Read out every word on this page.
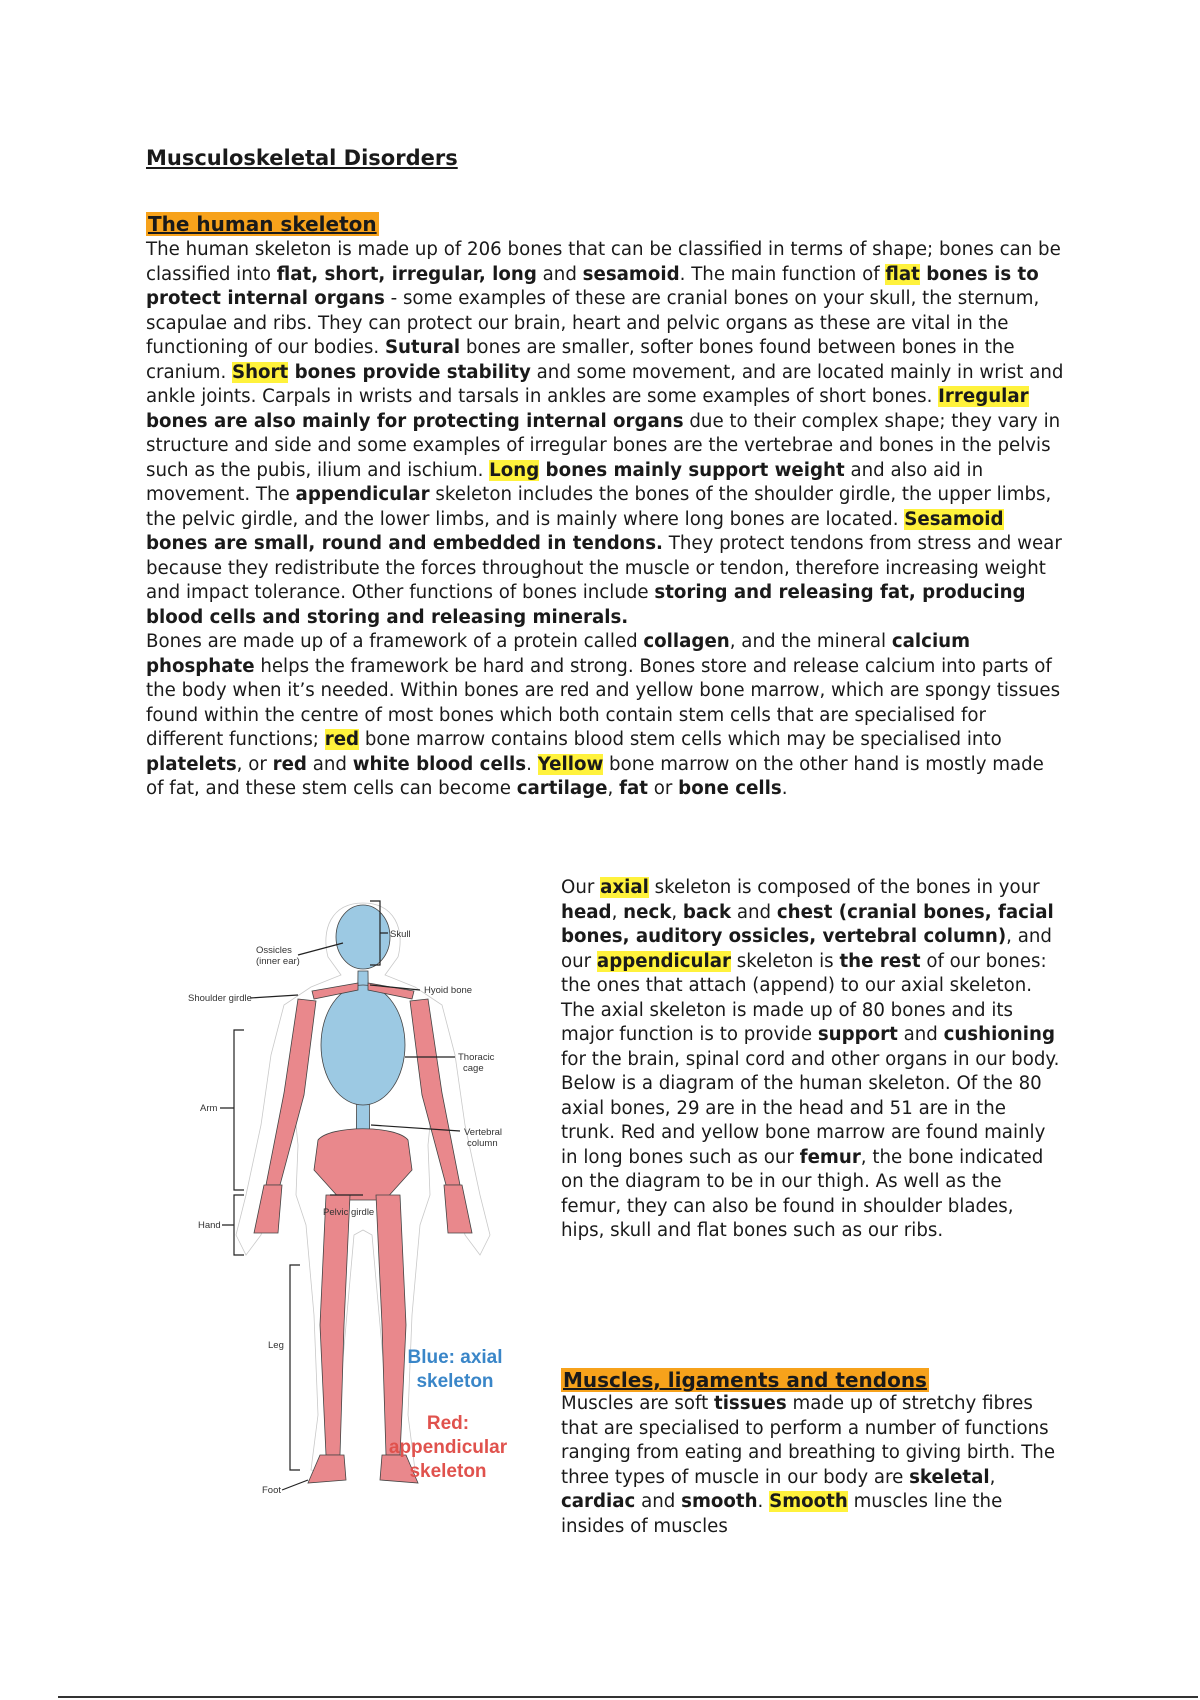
Musculoskeletal Disorders
The human skeleton

The human skeleton is made up of 206 bones that can be classified in terms of shape; bones can be classified into flat, short, irregular, long and sesamoid. The main function of flat bones is to protect internal organs - some examples of these are cranial bones on your skull, the sternum, scapulae and ribs. They can protect our brain, heart and pelvic organs as these are vital in the functioning of our bodies. Sutural bones are smaller, softer bones found between bones in the cranium. Short bones provide stability and some movement, and are located mainly in wrist and ankle joints. Carpals in wrists and tarsals in ankles are some examples of short bones. Irregular bones are also mainly for protecting internal organs due to their complex shape; they vary in structure and side and some examples of irregular bones are the vertebrae and bones in the pelvis such as the pubis, ilium and ischium. Long bones mainly support weight and also aid in movement. The appendicular skeleton includes the bones of the shoulder girdle, the upper limbs, the pelvic girdle, and the lower limbs, and is mainly where long bones are located. Sesamoid bones are small, round and embedded in tendons. They protect tendons from stress and wear because they redistribute the forces throughout the muscle or tendon, therefore increasing weight and impact tolerance. Other functions of bones include storing and releasing fat, producing blood cells and storing and releasing minerals.

Bones are made up of a framework of a protein called collagen, and the mineral calcium phosphate helps the framework be hard and strong. Bones store and release calcium into parts of the body when it’s needed. Within bones are red and yellow bone marrow, which are spongy tissues found within the centre of most bones which both contain stem cells that are specialised for different functions; red bone marrow contains blood stem cells which may be specialised into platelets, or red and white blood cells. Yellow bone marrow on the other hand is mostly made of fat, and these stem cells can become cartilage, fat or bone cells.

Our axial skeleton is composed of the bones in your head, neck, back and chest (cranial bones, facial bones, auditory ossicles, vertebral column), and our appendicular skeleton is the rest of our bones: the ones that attach (append) to our axial skeleton. The axial skeleton is made up of 80 bones and its major function is to provide support and cushioning for the brain, spinal cord and other organs in our body.

Below is a diagram of the human skeleton. Of the 80 axial bones, 29 are in the head and 51 are in the trunk. Red and yellow bone marrow are found mainly in long bones such as our femur, the bone indicated on the diagram to be in our thigh. As well as the femur, they can also be found in shoulder blades, hips, skull and flat bones such as our ribs.

Muscles, ligaments and tendons

Muscles are soft tissues made up of stretchy fibres that are specialised to perform a number of functions ranging from eating and breathing to giving birth. The three types of muscle in our body are skeletal, cardiac and smooth. Smooth muscles line the insides of muscles

Skull
Ossicles
(inner ear)
Shoulder girdle
Hyoid bone
Thoracic
cage
Arm
Vertebral
column
Pelvic girdle
Hand
Leg
Foot
Blue: axial
skeleton
Red:
appendicular
skeleton
